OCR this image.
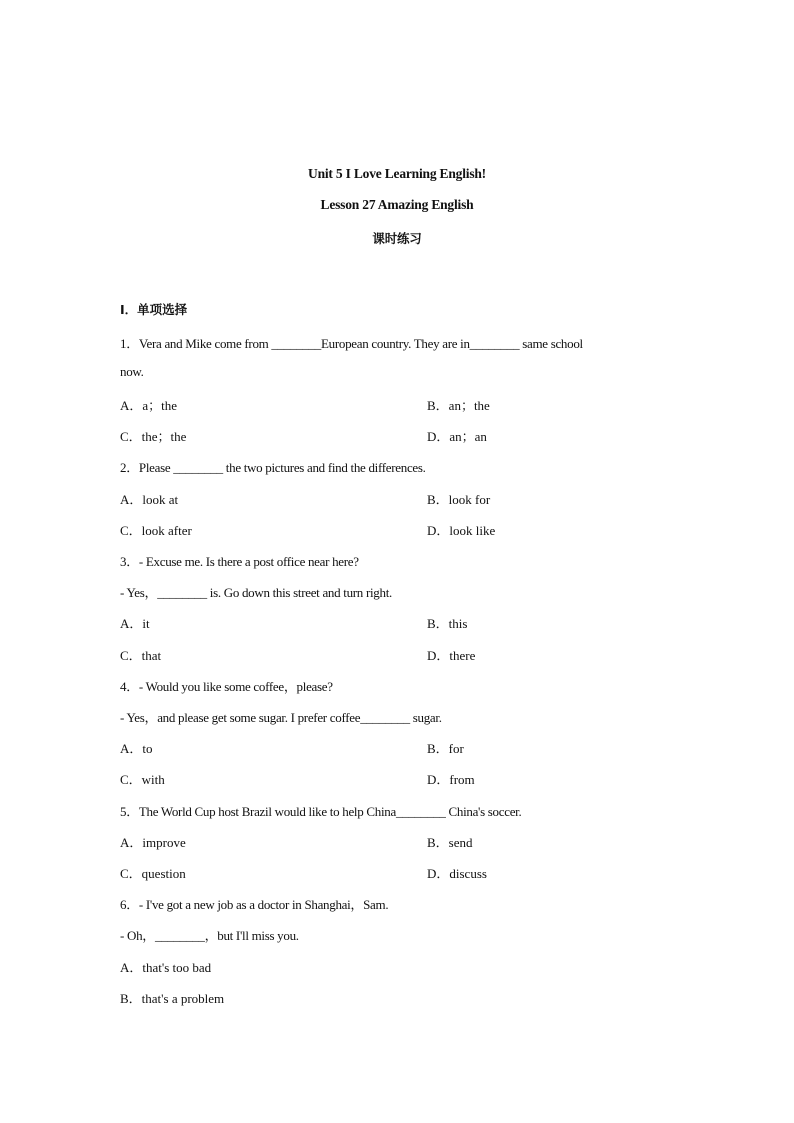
Unit 5 I Love Learning English!
Lesson 27 Amazing English
课时练习
Ⅰ．单项选择
1．Vera and Mike come from ________European country. They are in________ same school
now.
A．a；the	B．an；the
C．the；the	D．an；an
2．Please ________ the two pictures and find the differences.
A．look at	B．look for
C．look after	D．look like
3．- Excuse me. Is there a post office near here?
- Yes，________ is. Go down this street and turn right.
A．it	B．this
C．that	D．there
4．- Would you like some coffee，please?
- Yes，and please get some sugar. I prefer coffee________ sugar.
A．to	B．for
C．with	D．from
5．The World Cup host Brazil would like to help China________ China's soccer.
A．improve	B．send
C．question	D．discuss
6．- I've got a new job as a doctor in Shanghai，Sam.
- Oh，________，but I'll miss you.
A．that's too bad
B．that's a problem
